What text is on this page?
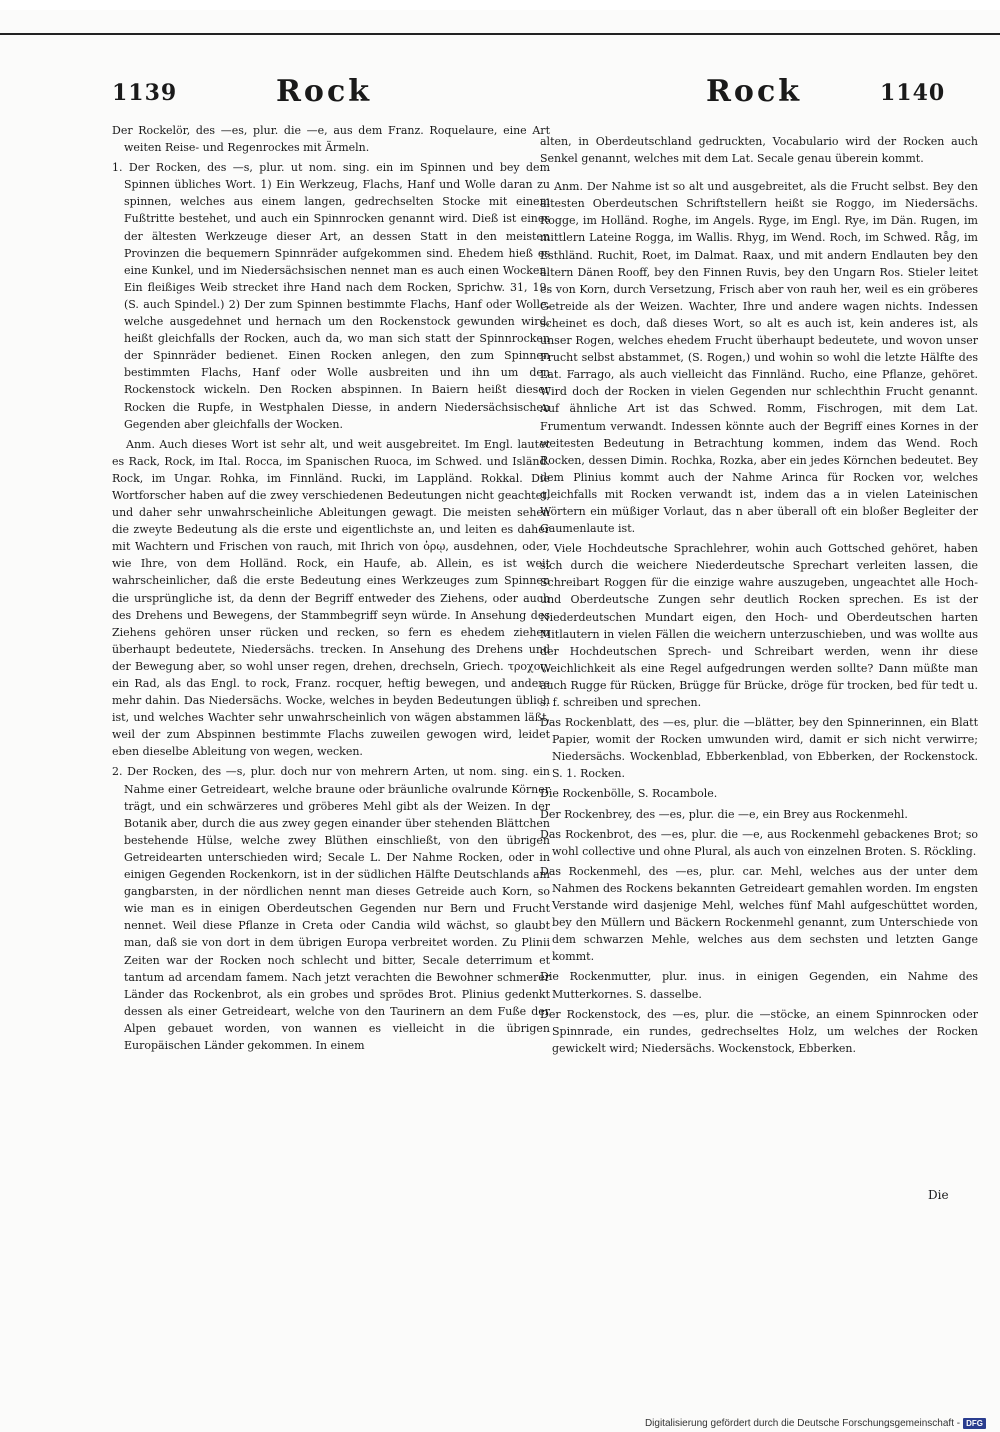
1139	Rock	Rock	1140

Der Rockelör, des —es, plur. die —e, aus dem Franz. Roquelaure, eine Art weiten Reise- und Regenrockes mit Ärmeln.

1. Der Rocken, des —s, plur. ut nom. sing. ein im Spinnen und bey dem Spinnen übliches Wort. 1) Ein Werkzeug, Flachs, Hanf und Wolle daran zu spinnen, welches aus einem langen, gedrechselten Stocke mit einem Fußtritte bestehet, und auch ein Spinnrocken genannt wird. Dieß ist eines der ältesten Werkzeuge dieser Art, an dessen Statt in den meisten Provinzen die bequemern Spinnräder aufgekommen sind. Ehedem hieß es eine Kunkel, und im Niedersächsischen nennet man es auch einen Wocken. Ein fleißiges Weib strecket ihre Hand nach dem Rocken, Sprichw. 31, 19. (S. auch Spindel.) 2) Der zum Spinnen bestimmte Flachs, Hanf oder Wolle, welche ausgedehnet und hernach um den Rockenstock gewunden wird, heißt gleichfalls der Rocken, auch da, wo man sich statt der Spinnrocken der Spinnräder bedienet. Einen Rocken anlegen, den zum Spinnen bestimmten Flachs, Hanf oder Wolle ausbreiten und ihn um den Rockenstock wickeln. Den Rocken abspinnen. In Baiern heißt dieser Rocken die Rupfe, in Westphalen Diesse, in andern Niedersächsischen Gegenden aber gleichfalls der Wocken.

Anm. Auch dieses Wort ist sehr alt, und weit ausgebreitet. Im Engl. lautet es Rack, Rock, im Ital. Rocca, im Spanischen Ruoca, im Schwed. und Isländ. Rock, im Ungar. Rohka, im Finnländ. Rucki, im Lappländ. Rokkal. Die Wortforscher haben auf die zwey verschiedenen Bedeutungen nicht geachtet, und daher sehr unwahrscheinliche Ableitungen gewagt. Die meisten sehen die zweyte Bedeutung als die erste und eigentlichste an, und leiten es daher mit Wachtern und Frischen von rauch, mit Ihrich von ὀρῳ, ausdehnen, oder, wie Ihre, von dem Holländ. Rock, ein Haufe, ab. Allein, es ist weit wahrscheinlicher, daß die erste Bedeutung eines Werkzeuges zum Spinnen die ursprüngliche ist, da denn der Begriff entweder des Ziehens, oder auch des Drehens und Bewegens, der Stammbegriff seyn würde. In Ansehung des Ziehens gehören unser rücken und recken, so fern es ehedem ziehen überhaupt bedeutete, Niedersächs. trecken. In Ansehung des Drehens und der Bewegung aber, so wohl unser regen, drehen, drechseln, Griech. τροχος, ein Rad, als das Engl. to rock, Franz. rocquer, heftig bewegen, und andere mehr dahin. Das Niedersächs. Wocke, welches in beyden Bedeutungen üblich ist, und welches Wachter sehr unwahrscheinlich von wägen abstammen läßt, weil der zum Abspinnen bestimmte Flachs zuweilen gewogen wird, leidet eben dieselbe Ableitung von wegen, wecken.

2. Der Rocken, des —s, plur. doch nur von mehrern Arten, ut nom. sing. ein Nahme einer Getreideart, welche braune oder bräunliche ovalrunde Körner trägt, und ein schwärzeres und gröberes Mehl gibt als der Weizen. In der Botanik aber, durch die aus zwey gegen einander über stehenden Blättchen bestehende Hülse, welche zwey Blüthen einschließt, von den übrigen Getreidearten unterschieden wird; Secale L. Der Nahme Rocken, oder in einigen Gegenden Rockenkorn, ist in der südlichen Hälfte Deutschlands am gangbarsten, in der nördlichen nennt man dieses Getreide auch Korn, so wie man es in einigen Oberdeutschen Gegenden nur Bern und Frucht nennet. Weil diese Pflanze in Creta oder Candia wild wächst, so glaubt man, daß sie von dort in dem übrigen Europa verbreitet worden. Zu Plinii Zeiten war der Rocken noch schlecht und bitter, Secale deterrimum et tantum ad arcendam famem. Nach jetzt verachten die Bewohner schmerer Länder das Rockenbrot, als ein grobes und sprödes Brot. Plinius gedenkt dessen als einer Getreideart, welche von den Taurinern an dem Fuße der Alpen gebauet worden, von wannen es vielleicht in die übrigen Europäischen Länder gekommen. In einem

alten, in Oberdeutschland gedruckten, Vocabulario wird der Rocken auch Senkel genannt, welches mit dem Lat. Secale genau überein kommt.

Anm. Der Nahme ist so alt und ausgebreitet, als die Frucht selbst. Bey den ältesten Oberdeutschen Schriftstellern heißt sie Roggo, im Niedersächs. Rogge, im Holländ. Roghe, im Angels. Ryge, im Engl. Rye, im Dän. Rugen, im mittlern Lateine Rogga, im Wallis. Rhyg, im Wend. Roch, im Schwed. Råg, im Esthländ. Ruchit, Roet, im Dalmat. Raax, und mit andern Endlauten bey den ältern Dänen Rooff, bey den Finnen Ruvis, bey den Ungarn Ros. Stieler leitet es von Korn, durch Versetzung, Frisch aber von rauh her, weil es ein gröberes Getreide als der Weizen. Wachter, Ihre und andere wagen nichts. Indessen scheinet es doch, daß dieses Wort, so alt es auch ist, kein anderes ist, als unser Rogen, welches ehedem Frucht überhaupt bedeutete, und wovon unser Frucht selbst abstammet, (S. Rogen,) und wohin so wohl die letzte Hälfte des Lat. Farrago, als auch vielleicht das Finnländ. Rucho, eine Pflanze, gehöret. Wird doch der Rocken in vielen Gegenden nur schlechthin Frucht genannt. Auf ähnliche Art ist das Schwed. Romm, Fischrogen, mit dem Lat. Frumentum verwandt. Indessen könnte auch der Begriff eines Kornes in der weitesten Bedeutung in Betrachtung kommen, indem das Wend. Roch Rocken, dessen Dimin. Rochka, Rozka, aber ein jedes Körnchen bedeutet. Bey dem Plinius kommt auch der Nahme Arinca für Rocken vor, welches gleichfalls mit Rocken verwandt ist, indem das a in vielen Lateinischen Wörtern ein müßiger Vorlaut, das n aber überall oft ein bloßer Begleiter der Gaumenlaute ist.

Viele Hochdeutsche Sprachlehrer, wohin auch Gottsched gehöret, haben sich durch die weichere Niederdeutsche Sprechart verleiten lassen, die Schreibart Roggen für die einzige wahre auszugeben, ungeachtet alle Hoch- und Oberdeutsche Zungen sehr deutlich Rocken sprechen. Es ist der Niederdeutschen Mundart eigen, den Hoch- und Oberdeutschen harten Mitlautern in vielen Fällen die weichern unterzuschieben, und was wollte aus der Hochdeutschen Sprech- und Schreibart werden, wenn ihr diese Weichlichkeit als eine Regel aufgedrungen werden sollte? Dann müßte man auch Rugge für Rücken, Brügge für Brücke, dröge für trocken, bed für tedt u. s. f. schreiben und sprechen.

Das Rockenblatt, des —es, plur. die —blätter, bey den Spinnerinnen, ein Blatt Papier, womit der Rocken umwunden wird, damit er sich nicht verwirre; Niedersächs. Wockenblad, Ebberkenblad, von Ebberken, der Rockenstock. S. 1. Rocken.

Die Rockenbölle, S. Rocambole.

Der Rockenbrey, des —es, plur. die —e, ein Brey aus Rockenmehl.

Das Rockenbrot, des —es, plur. die —e, aus Rockenmehl gebackenes Brot; so wohl collective und ohne Plural, als auch von einzelnen Broten. S. Röckling.

Das Rockenmehl, des —es, plur. car. Mehl, welches aus der unter dem Nahmen des Rockens bekannten Getreideart gemahlen worden. Im engsten Verstande wird dasjenige Mehl, welches fünf Mahl aufgeschüttet worden, bey den Müllern und Bäckern Rockenmehl genannt, zum Unterschiede von dem schwarzen Mehle, welches aus dem sechsten und letzten Gange kommt.

Die Rockenmutter, plur. inus. in einigen Gegenden, ein Nahme des Mutterkornes. S. dasselbe.

Der Rockenstock, des —es, plur. die —stöcke, an einem Spinnrocken oder Spinnrade, ein rundes, gedrechseltes Holz, um welches der Rocken gewickelt wird; Niedersächs. Wockenstock, Ebberken.

Die
Digitalisierung gefördert durch die Deutsche Forschungsgemeinschaft - DFG
